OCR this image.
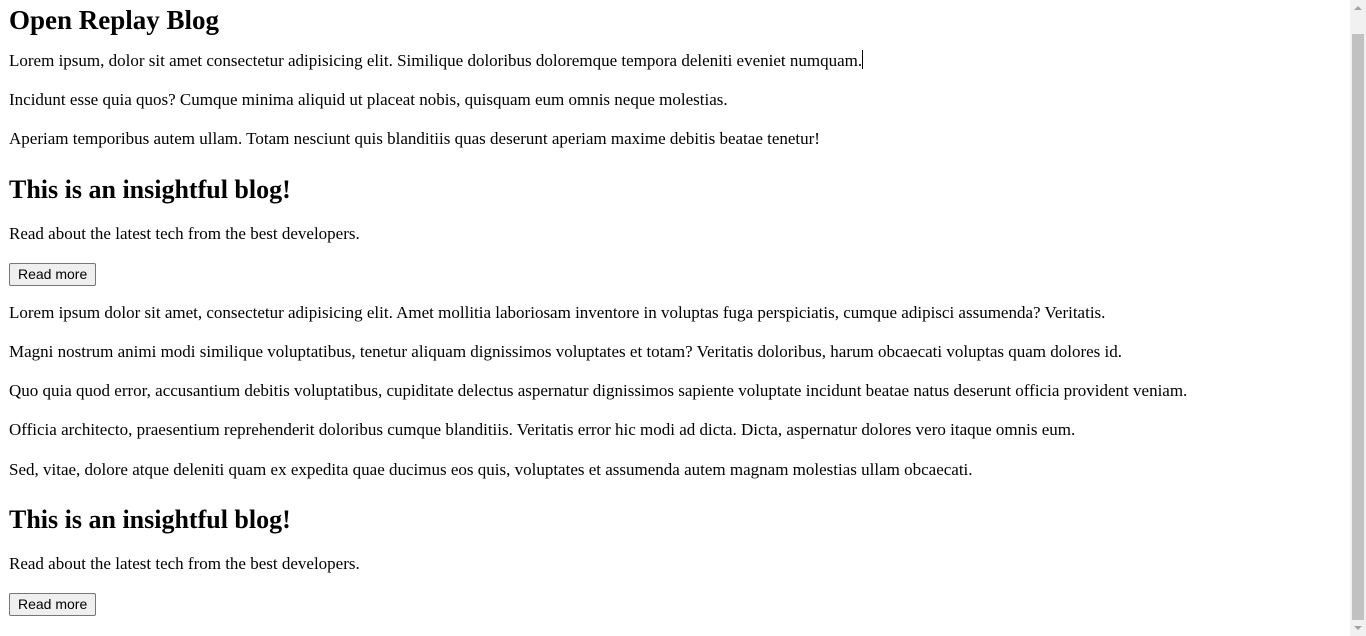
Open Replay Blog

Lorem ipsum, dolor sit amet consectetur adipisicing elit. Similique doloribus doloremque tempora deleniti eveniet numquam.

Incidunt esse quia quos? Cumque minima aliquid ut placeat nobis, quisquam eum omnis neque molestias.

Aperiam temporibus autem ullam. Totam nesciunt quis blanditiis quas deserunt aperiam maxime debitis beatae tenetur!

This is an insightful blog!

Read about the latest tech from the best developers.

Read more

Lorem ipsum dolor sit amet, consectetur adipisicing elit. Amet mollitia laboriosam inventore in voluptas fuga perspiciatis, cumque adipisci assumenda? Veritatis.

Magni nostrum animi modi similique voluptatibus, tenetur aliquam dignissimos voluptates et totam? Veritatis doloribus, harum obcaecati voluptas quam dolores id.

Quo quia quod error, accusantium debitis voluptatibus, cupiditate delectus aspernatur dignissimos sapiente voluptate incidunt beatae natus deserunt officia provident veniam.

Officia architecto, praesentium reprehenderit doloribus cumque blanditiis. Veritatis error hic modi ad dicta. Dicta, aspernatur dolores vero itaque omnis eum.

Sed, vitae, dolore atque deleniti quam ex expedita quae ducimus eos quis, voluptates et assumenda autem magnam molestias ullam obcaecati.

This is an insightful blog!

Read about the latest tech from the best developers.

Read more
